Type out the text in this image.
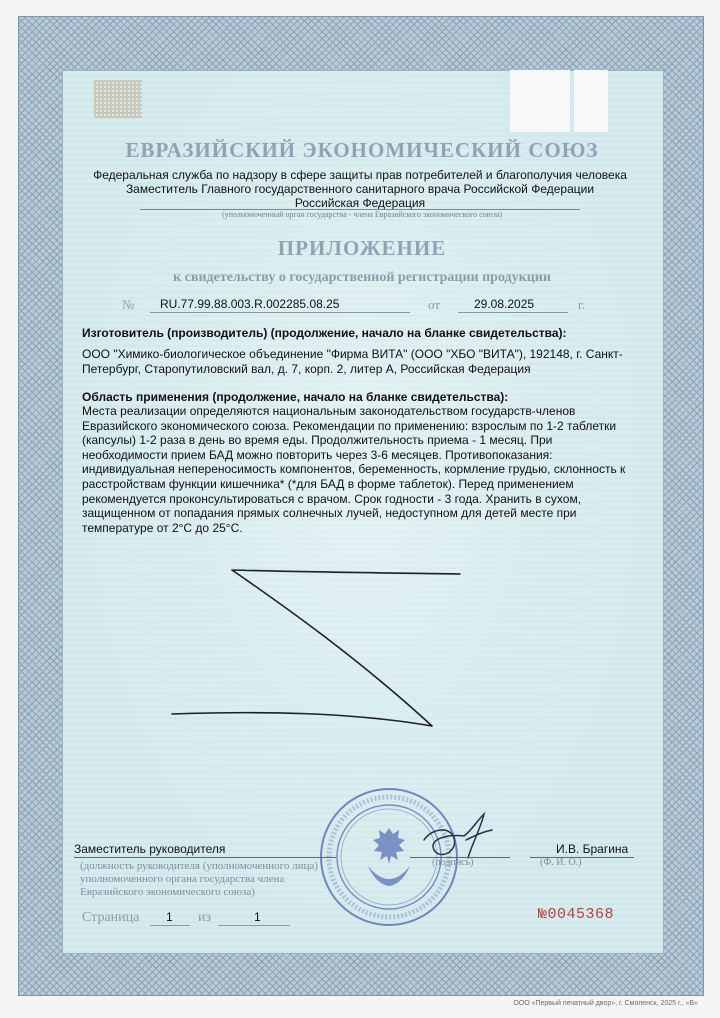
ЕВРАЗИЙСКИЙ ЭКОНОМИЧЕСКИЙ СОЮЗ
Федеральная служба по надзору в сфере защиты прав потребителей и благополучия человека
Заместитель Главного государственного санитарного врача Российской Федерации
Российская Федерация
(уполномоченный орган государства - члена Евразийского экономического союза)
ПРИЛОЖЕНИЕ
к свидетельству о государственной регистрации продукции
№ RU.77.99.88.003.R.002285.08.25	от	29.08.2025	г.
Изготовитель (производитель) (продолжение, начало на бланке свидетельства):
ООО "Химико-биологическое объединение "Фирма ВИТА" (ООО "ХБО "ВИТА"), 192148, г. Санкт-
Петербург, Старопутиловский вал, д. 7, корп. 2, литер А, Российская Федерация
Область применения (продолжение, начало на бланке свидетельства):
Места реализации определяются национальным законодательством государств-членов
Евразийского экономического союза. Рекомендации по применению: взрослым по 1-2 таблетки
(капсулы) 1-2 раза в день во время еды. Продолжительность приема - 1 месяц. При
необходимости прием БАД можно повторить через 3-6 месяцев. Противопоказания:
индивидуальная непереносимость компонентов, беременность, кормление грудью, склонность к
расстройствам функции кишечника* (*для БАД в форме таблеток). Перед применением
рекомендуется проконсультироваться с врачом. Срок годности - 3 года. Хранить в сухом,
защищенном от попадания прямых солнечных лучей, недоступном для детей месте при
температуре от 2°C до 25°C.
Заместитель руководителя	И.В. Брагина
(должность руководителя (уполномоченного лица) уполномоченного органа государства члена Евразийского экономического союза)
(подпись)	(Ф. И. О.)
Страница 1 из	1	№0045368
ООО «Первый печатный двор», г. Смоленск, 2025 г., «В»
